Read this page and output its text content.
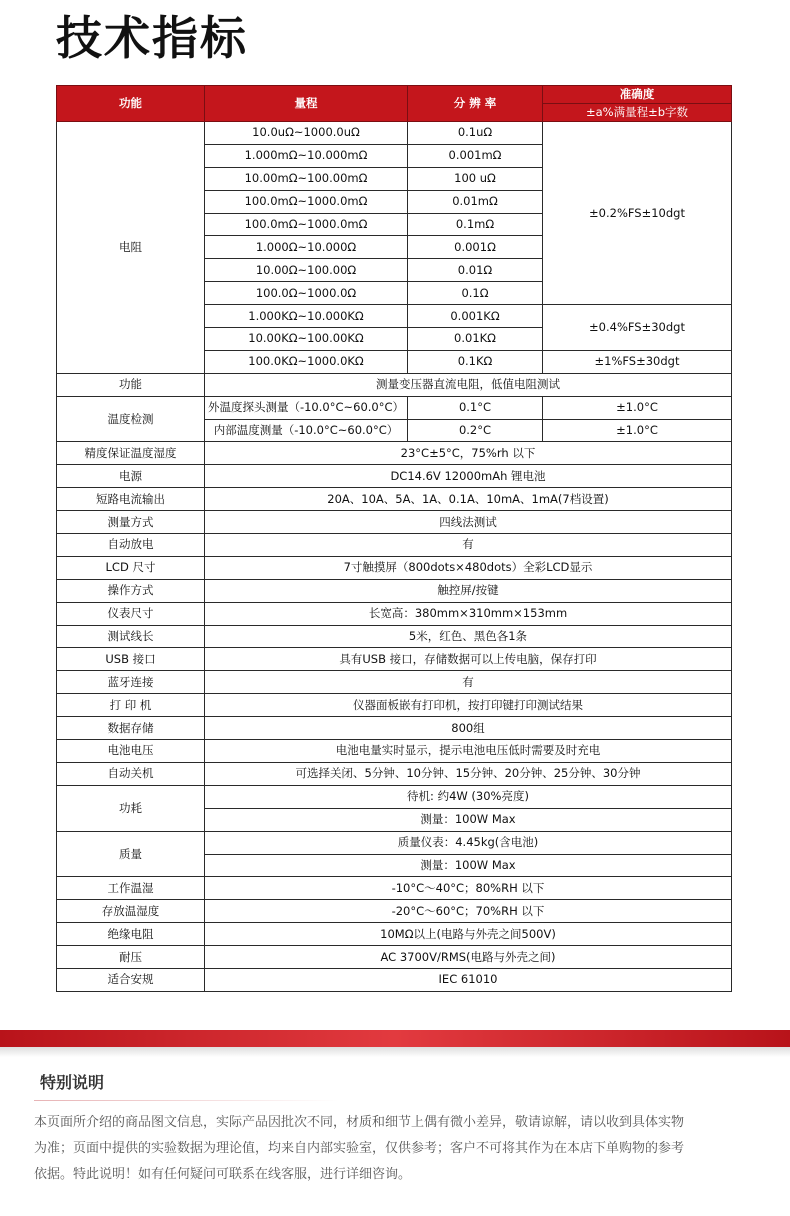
技术指标
功能	量程	分 辨 率	准确度
			±a%满量程±b字数
电阻	10.0uΩ~1000.0uΩ	0.1uΩ	±0.2%FS±10dgt
	1.000mΩ~10.000mΩ	0.001mΩ	
	10.00mΩ~100.00mΩ	100 uΩ	
	100.0mΩ~1000.0mΩ	0.01mΩ	
	100.0mΩ~1000.0mΩ	0.1mΩ	
	1.000Ω~10.000Ω	0.001Ω	
	10.00Ω~100.00Ω	0.01Ω	
	100.0Ω~1000.0Ω	0.1Ω	
	1.000KΩ~10.000KΩ	0.001KΩ	±0.4%FS±30dgt
	10.00KΩ~100.00KΩ	0.01KΩ	
	100.0KΩ~1000.0KΩ	0.1KΩ	±1%FS±30dgt
功能	测量变压器直流电阻，低值电阻测试		
温度检测	外温度探头测量（-10.0°C~60.0°C）	0.1°C	±1.0°C
	内部温度测量（-10.0°C~60.0°C）	0.2°C	±1.0°C
精度保证温度湿度	23°C±5°C，75%rh 以下		
电源	DC14.6V 12000mAh 锂电池		
短路电流输出	20A、10A、5A、1A、0.1A、10mA、1mA(7档设置)		
测量方式	四线法测试		
自动放电	有		
LCD 尺寸	7寸触摸屏（800dots×480dots）全彩LCD显示		
操作方式	触控屏/按键		
仪表尺寸	长宽高：380mm×310mm×153mm		
测试线长	5米，红色、黑色各1条		
USB 接口	具有USB 接口，存储数据可以上传电脑，保存打印		
蓝牙连接	有		
打 印 机	仪器面板嵌有打印机，按打印键打印测试结果		
数据存储	800组		
电池电压	电池电量实时显示，提示电池电压低时需要及时充电		
自动关机	可选择关闭、5分钟、10分钟、15分钟、20分钟、25分钟、30分钟		
功耗	待机: 约4W (30%亮度)		
	测量：100W Max		
质量	质量仪表：4.45kg(含电池)		
	测量：100W Max		
工作温湿	-10°C～40°C；80%RH 以下		
存放温湿度	-20°C～60°C；70%RH 以下		
绝缘电阻	10MΩ以上(电路与外壳之间500V)		
耐压	AC 3700V/RMS(电路与外壳之间)		
适合安规	IEC 61010		
特别说明
本页面所介绍的商品图文信息，实际产品因批次不同，材质和细节上偶有微小差异，敬请谅解，请以收到具体实物
为准；页面中提供的实验数据为理论值，均来自内部实验室，仅供参考；客户不可将其作为在本店下单购物的参考
依据。特此说明！如有任何疑问可联系在线客服，进行详细咨询。
